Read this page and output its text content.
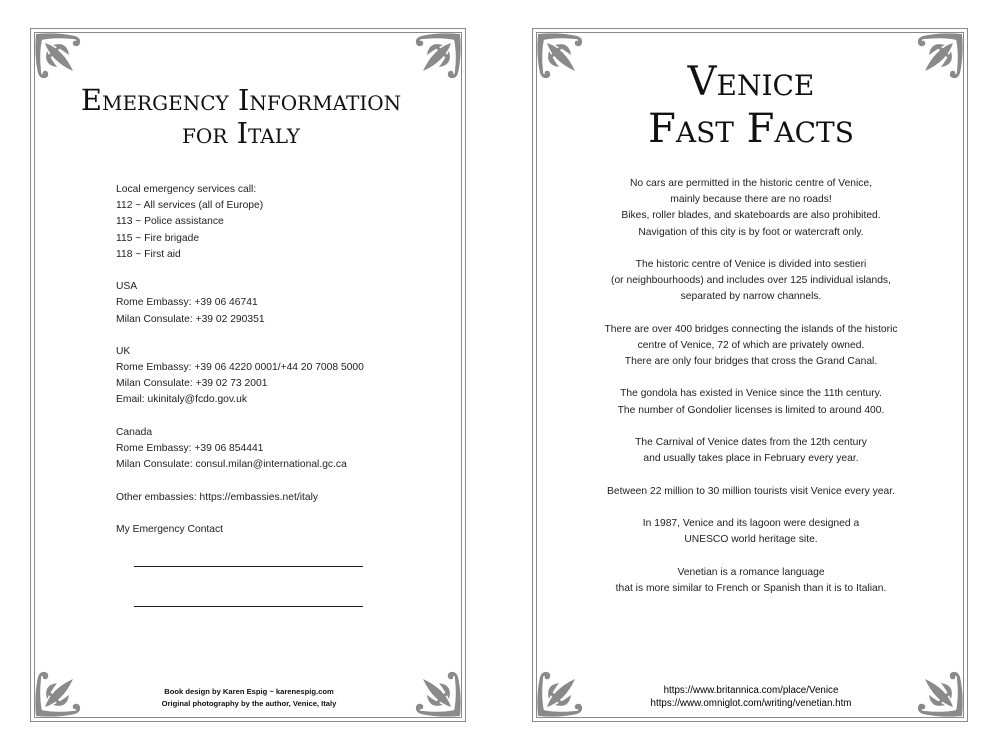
Emergency Information
for Italy
Local emergency services call:
112 ~ All services (all of Europe)
113 ~ Police assistance
115 ~ Fire brigade
118 ~ First aid
USA
Rome Embassy: +39 06 46741
Milan Consulate: +39 02 290351
UK
Rome Embassy: +39 06 4220 0001/+44 20 7008 5000
Milan Consulate: +39 02 73 2001
Email: ukinitaly@fcdo.gov.uk
Canada
Rome Embassy: +39 06 854441
Milan Consulate: consul.milan@international.gc.ca
Other embassies: https://embassies.net/italy
My Emergency Contact
Book design by Karen Espig ~ karenespig.com
Original photography by the author, Venice, Italy
Venice
Fast Facts
No cars are permitted in the historic centre of Venice,
mainly because there are no roads!
Bikes, roller blades, and skateboards are also prohibited.
Navigation of this city is by foot or watercraft only.
The historic centre of Venice is divided into sestieri
(or neighbourhoods) and includes over 125 individual islands,
separated by narrow channels.
There are over 400 bridges connecting the islands of the historic
centre of Venice, 72 of which are privately owned.
There are only four bridges that cross the Grand Canal.
The gondola has existed in Venice since the 11th century.
The number of Gondolier licenses is limited to around 400.
The Carnival of Venice dates from the 12th century
and usually takes place in February every year.
Between 22 million to 30 million tourists visit Venice every year.
In 1987, Venice and its lagoon were designed a
UNESCO world heritage site.
Venetian is a romance language
that is more similar to French or Spanish than it is to Italian.
https://www.britannica.com/place/Venice
https://www.omniglot.com/writing/venetian.htm
